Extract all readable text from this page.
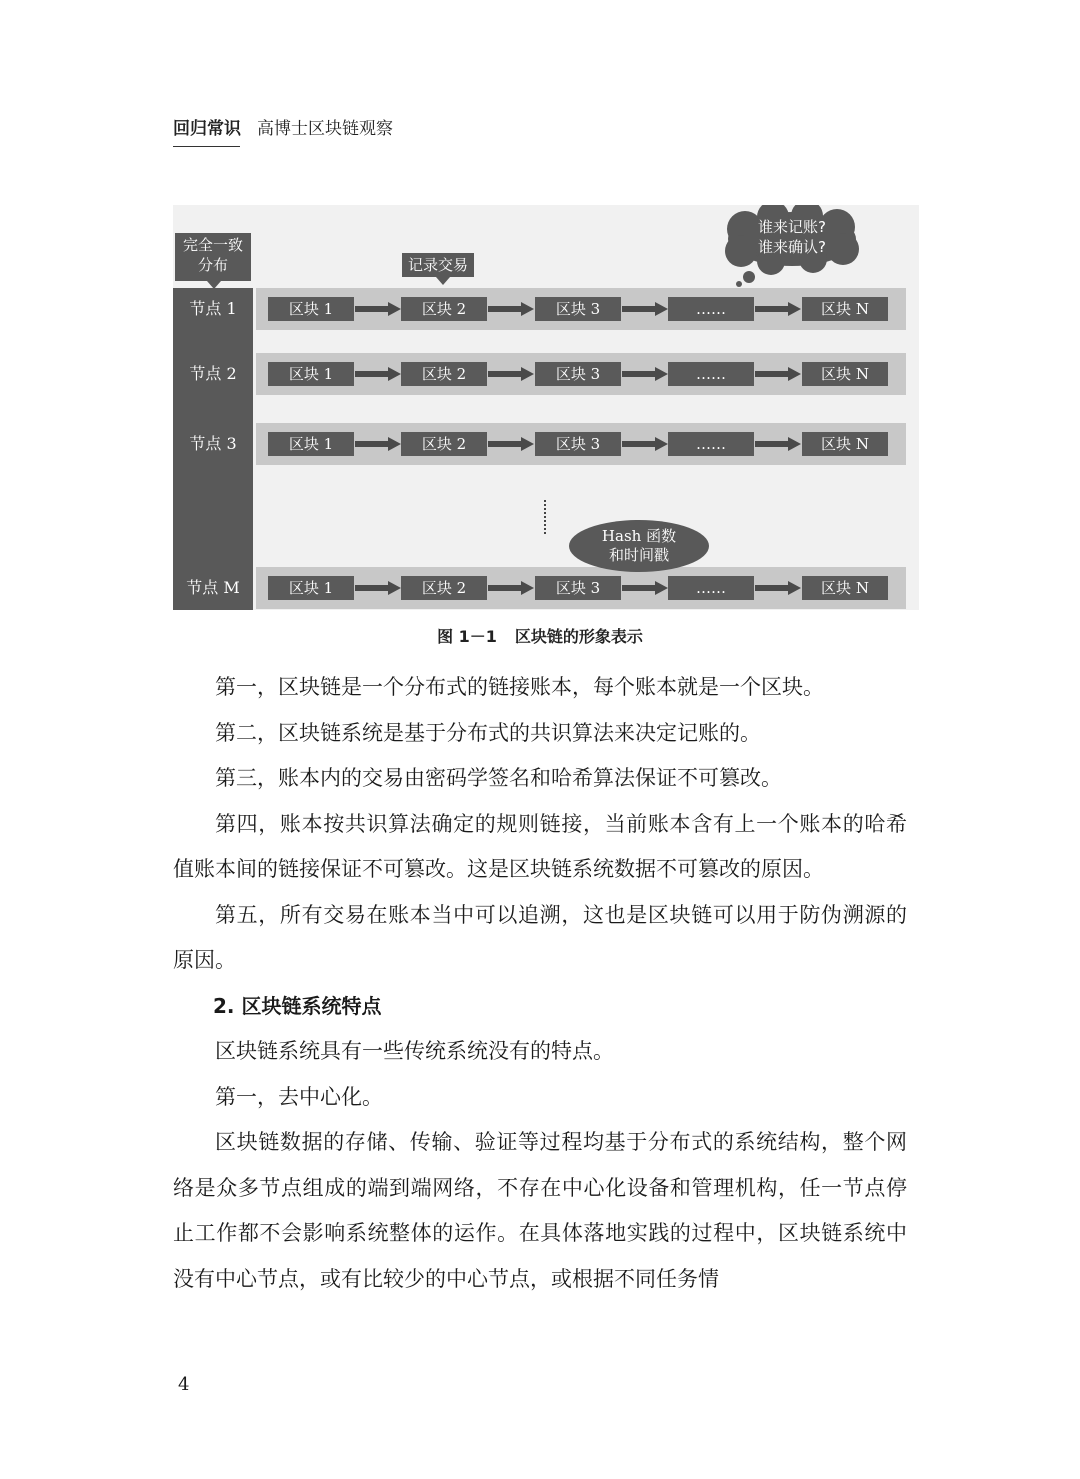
回归常识 高博士区块链观察
完全一致
分布	记录交易
谁来记账?
谁来确认?
节点 1	区块 1	区块 2	区块 3	……	区块 N
节点 2	区块 1	区块 2	区块 3	……	区块 N
节点 3	区块 1	区块 2	区块 3	……	区块 N
节点 M	区块 1	区块 2	区块 3	……	区块 N
Hash 函数
和时间戳
图 1－1 区块链的形象表示

第一，区块链是一个分布式的链接账本，每个账本就是一个区块。

第二，区块链系统是基于分布式的共识算法来决定记账的。

第三，账本内的交易由密码学签名和哈希算法保证不可篡改。

第四，账本按共识算法确定的规则链接，当前账本含有上一个账本的哈希值账本间的链接保证不可篡改。这是区块链系统数据不可篡改的原因。

第五，所有交易在账本当中可以追溯，这也是区块链可以用于防伪溯源的原因。

2. 区块链系统特点

区块链系统具有一些传统系统没有的特点。

第一，去中心化。

区块链数据的存储、传输、验证等过程均基于分布式的系统结构，整个网络是众多节点组成的端到端网络，不存在中心化设备和管理机构，任一节点停止工作都不会影响系统整体的运作。在具体落地实践的过程中，区块链系统中没有中心节点，或有比较少的中心节点，或根据不同任务情

4
